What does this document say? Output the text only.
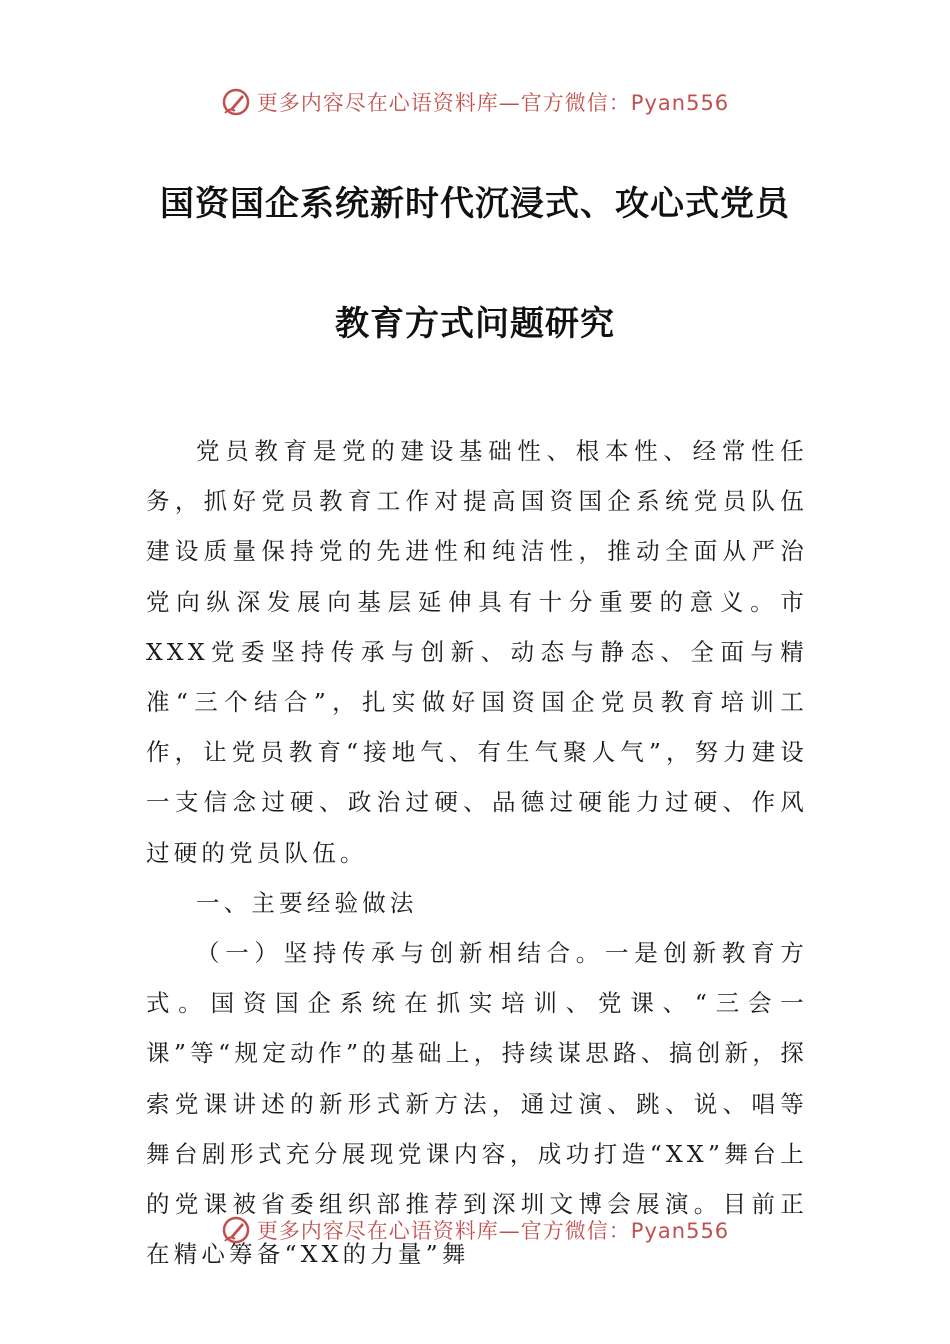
更多内容尽在心语资料库—官方微信：Pyan556
国资国企系统新时代沉浸式、攻心式党员
教育方式问题研究

党员教育是党的建设基础性、根本性、经常性任务，抓好党员教育工作对提高国资国企系统党员队伍建设质量保持党的先进性和纯洁性，推动全面从严治党向纵深发展向基层延伸具有十分重要的意义。市XXX党委坚持传承与创新、动态与静态、全面与精准“三个结合”，扎实做好国资国企党员教育培训工作，让党员教育“接地气、有生气聚人气”，努力建设一支信念过硬、政治过硬、品德过硬能力过硬、作风过硬的党员队伍。

一、主要经验做法

（一）坚持传承与创新相结合。一是创新教育方式。国资国企系统在抓实培训、党课、“三会一课”等“规定动作”的基础上，持续谋思路、搞创新，探索党课讲述的新形式新方法，通过演、跳、说、唱等舞台剧形式充分展现党课内容，成功打造“XX”舞台上的党课被省委组织部推荐到深圳文博会展演。目前正在精心筹备“XX的力量”舞

更多内容尽在心语资料库—官方微信：Pyan556
